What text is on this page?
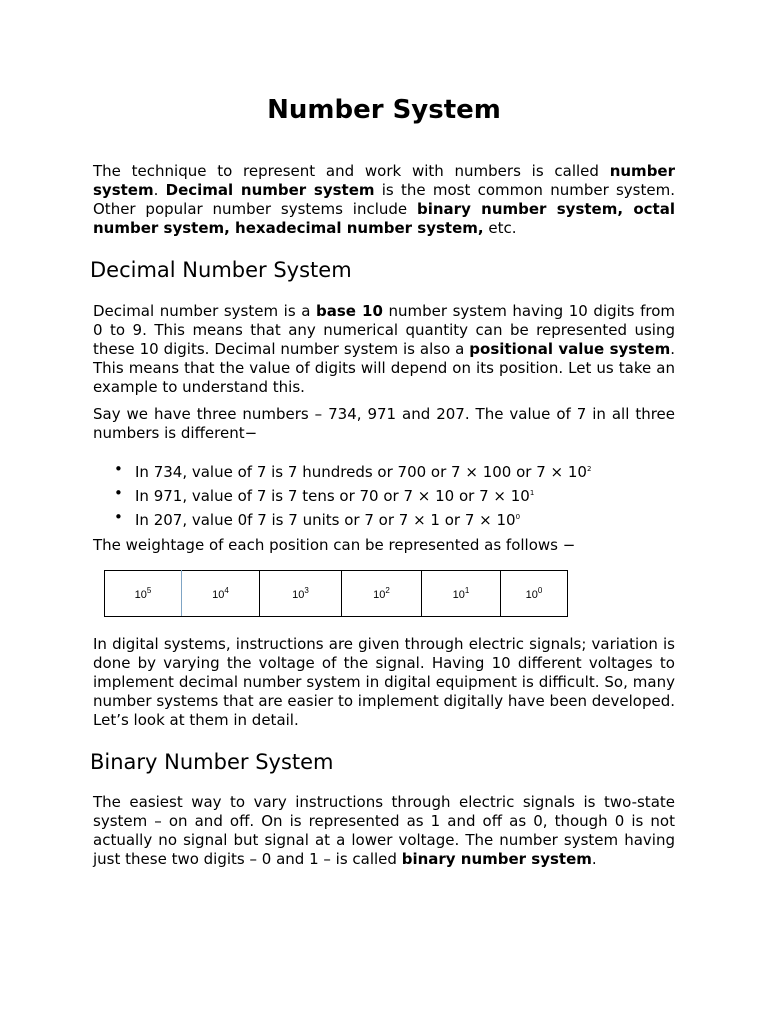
Number System
The technique to represent and work with numbers is called number system. Decimal number system is the most common number system. Other popular number systems include binary number system, octal number system, hexadecimal number system, etc.
Decimal Number System
Decimal number system is a base 10 number system having 10 digits from 0 to 9. This means that any numerical quantity can be represented using these 10 digits. Decimal number system is also a positional value system. This means that the value of digits will depend on its position. Let us take an example to understand this.
Say we have three numbers – 734, 971 and 207. The value of 7 in all three numbers is different−
• In 734, value of 7 is 7 hundreds or 700 or 7 × 100 or $7 \times 10^2$
• In 971, value of 7 is 7 tens or 70 or 7 × 10 or $7 \times 10^1$
• In 207, value 0f 7 is 7 units or 7 or 7 × 1 or $7 \times 10^0$
The weightage of each position can be represented as follows −
$10^5$	$10^4$	$10^3$	$10^2$	$10^1$	$10^0$
In digital systems, instructions are given through electric signals; variation is done by varying the voltage of the signal. Having 10 different voltages to implement decimal number system in digital equipment is difficult. So, many number systems that are easier to implement digitally have been developed. Let’s look at them in detail.
Binary Number System
The easiest way to vary instructions through electric signals is two-state system – on and off. On is represented as 1 and off as 0, though 0 is not actually no signal but signal at a lower voltage. The number system having just these two digits – 0 and 1 – is called binary number system.
